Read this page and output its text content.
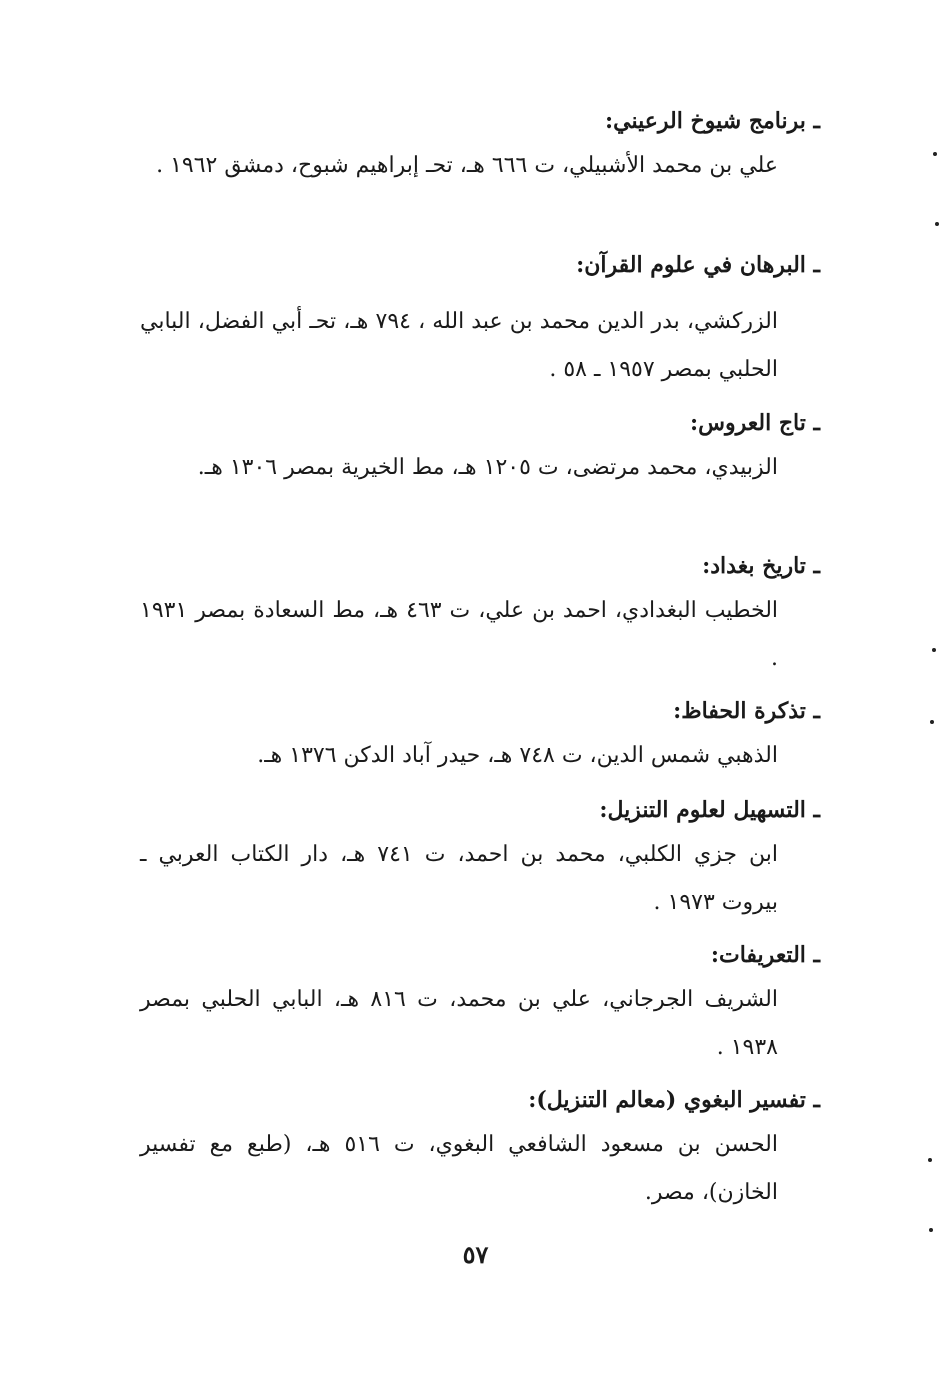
ـ برنامج شيوخ الرعيني:

علي بن محمد الأشبيلي، ت ٦٦٦ هـ، تحـ إبراهيم شبوح، دمشق ١٩٦٢ .

ـ البرهان في علوم القرآن:

الزركشي، بدر الدين محمد بن عبد الله ، ٧٩٤ هـ، تحـ أبي الفضل، البابي الحلبي بمصر ١٩٥٧ ـ ٥٨ .

ـ تاج العروس:

الزبيدي، محمد مرتضى، ت ١٢٠٥ هـ، مط الخيرية بمصر ١٣٠٦ هـ.

ـ تاريخ بغداد:

الخطيب البغدادي، احمد بن علي، ت ٤٦٣ هـ، مط السعادة بمصر ١٩٣١ .

ـ تذكرة الحفاظ:

الذهبي شمس الدين، ت ٧٤٨ هـ، حيدر آباد الدكن ١٣٧٦ هـ.

ـ التسهيل لعلوم التنزيل:

ابن جزي الكلبي، محمد بن احمد، ت ٧٤١ هـ، دار الكتاب العربي ـ بيروت ١٩٧٣ .

ـ التعريفات:

الشريف الجرجاني، علي بن محمد، ت ٨١٦ هـ، البابي الحلبي بمصر ١٩٣٨ .

ـ تفسير البغوي (معالم التنزيل):

الحسن بن مسعود الشافعي البغوي، ت ٥١٦ هـ، (طبع مع تفسير الخازن)، مصر.

٥٧
